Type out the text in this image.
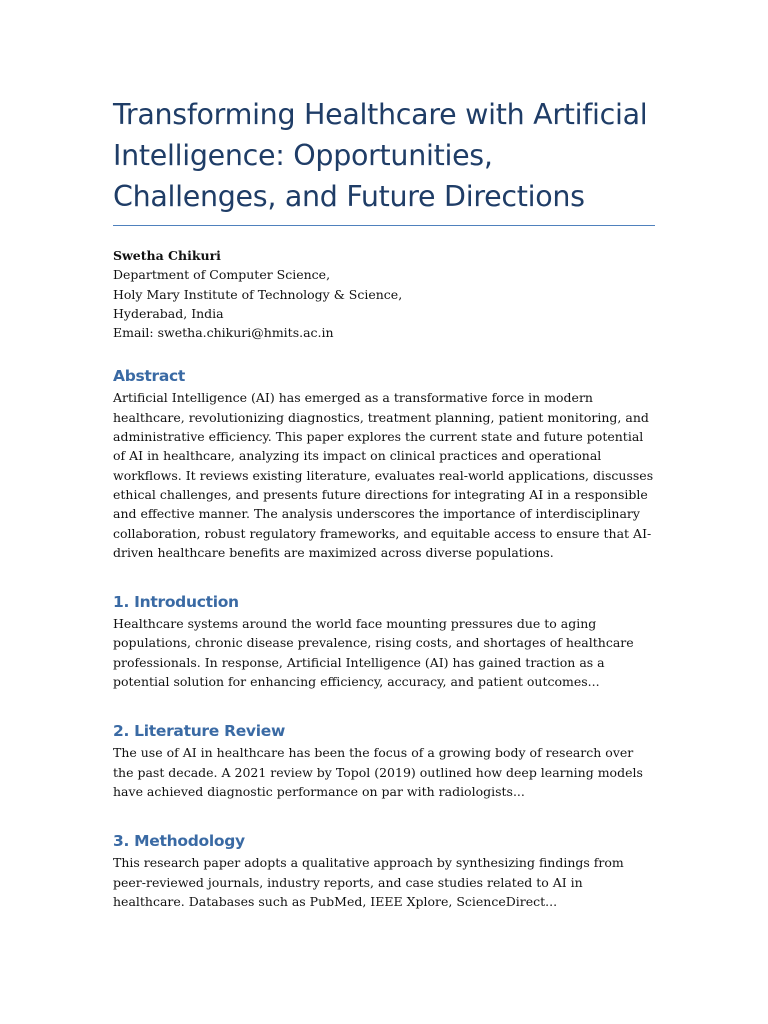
Transforming Healthcare with Artificial Intelligence: Opportunities, Challenges, and Future Directions
Swetha Chikuri
Department of Computer Science,
Holy Mary Institute of Technology & Science,
Hyderabad, India
Email: swetha.chikuri@hmits.ac.in
Abstract

Artificial Intelligence (AI) has emerged as a transformative force in modern healthcare, revolutionizing diagnostics, treatment planning, patient monitoring, and administrative efficiency. This paper explores the current state and future potential of AI in healthcare, analyzing its impact on clinical practices and operational workflows. It reviews existing literature, evaluates real-world applications, discusses ethical challenges, and presents future directions for integrating AI in a responsible and effective manner. The analysis underscores the importance of interdisciplinary collaboration, robust regulatory frameworks, and equitable access to ensure that AI-driven healthcare benefits are maximized across diverse populations.

1. Introduction

Healthcare systems around the world face mounting pressures due to aging populations, chronic disease prevalence, rising costs, and shortages of healthcare professionals. In response, Artificial Intelligence (AI) has gained traction as a potential solution for enhancing efficiency, accuracy, and patient outcomes...

2. Literature Review

The use of AI in healthcare has been the focus of a growing body of research over the past decade. A 2021 review by Topol (2019) outlined how deep learning models have achieved diagnostic performance on par with radiologists...

3. Methodology

This research paper adopts a qualitative approach by synthesizing findings from peer-reviewed journals, industry reports, and case studies related to AI in healthcare. Databases such as PubMed, IEEE Xplore, ScienceDirect...
